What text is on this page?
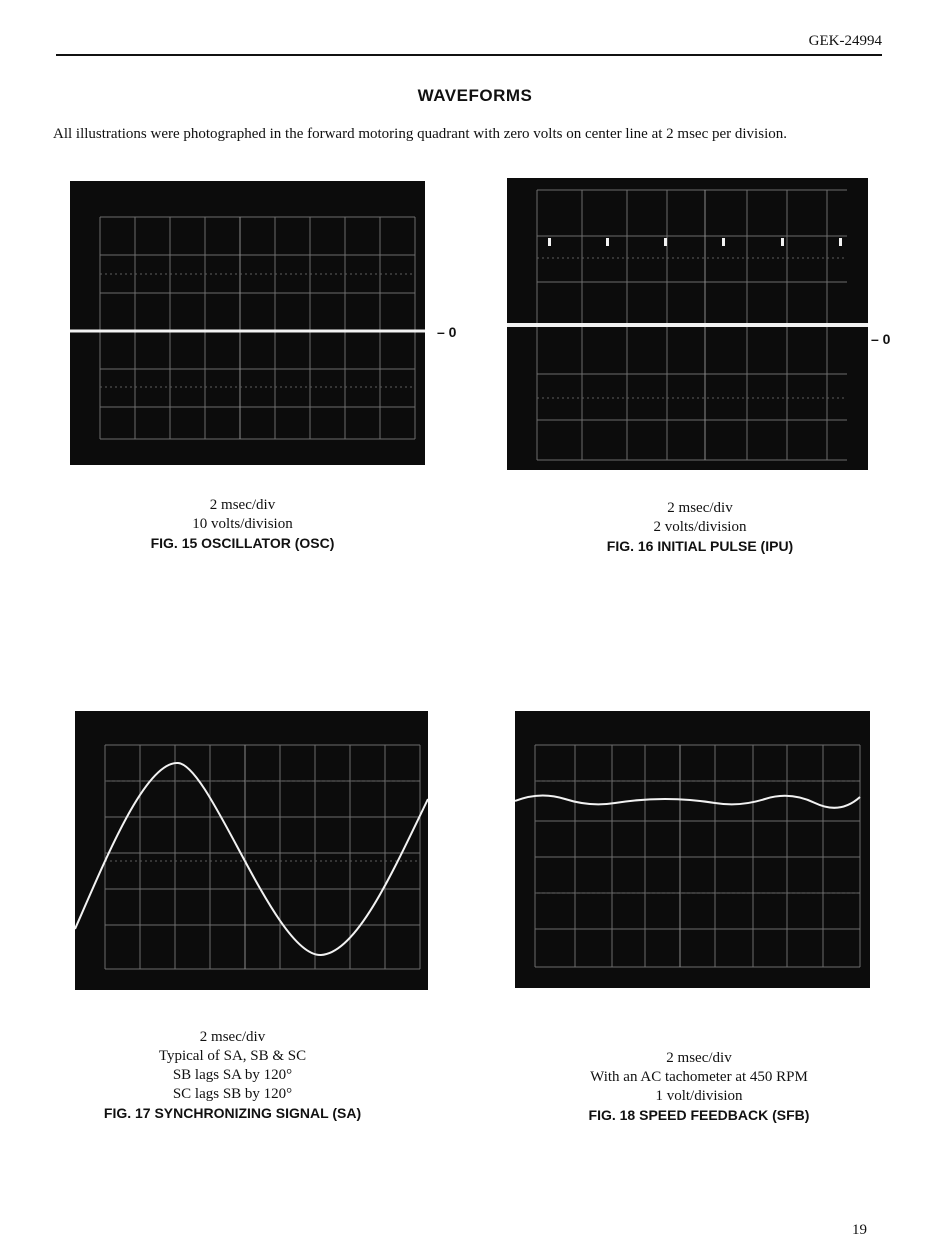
GEK-24994
WAVEFORMS
All illustrations were photographed in the forward motoring quadrant with zero volts on center line at 2 msec per division.
– 0	– 0
2 msec/div
10 volts/division
FIG. 15 OSCILLATOR (OSC)
2 msec/div
2 volts/division
FIG. 16 INITIAL PULSE (IPU)
2 msec/div
Typical of SA, SB & SC
SB lags SA by 120°
SC lags SB by 120°
FIG. 17 SYNCHRONIZING SIGNAL (SA)
2 msec/div
With an AC tachometer at 450 RPM
1 volt/division
FIG. 18 SPEED FEEDBACK (SFB)
19
